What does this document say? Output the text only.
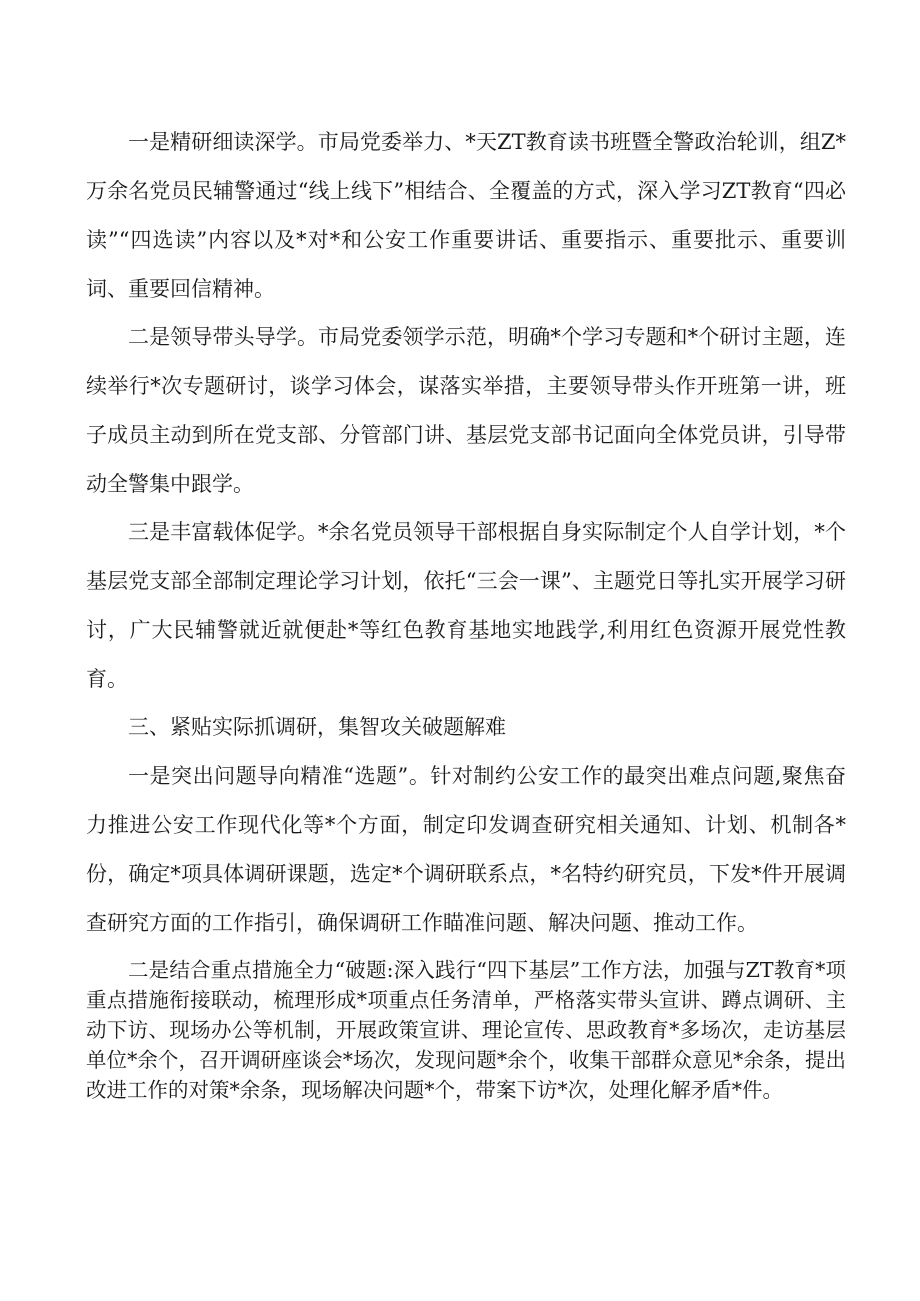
一是精研细读深学。市局党委举力、*天ZT教育读书班暨全警政治轮训，组Z*万余名党员民辅警通过“线上线下”相结合、全覆盖的方式，深入学习ZT教育“四必读”“四选读”内容以及*对*和公安工作重要讲话、重要指示、重要批示、重要训词、重要回信精神。

二是领导带头导学。市局党委领学示范，明确*个学习专题和*个研讨主题，连续举行*次专题研讨，谈学习体会，谋落实举措，主要领导带头作开班第一讲，班子成员主动到所在党支部、分管部门讲、基层党支部书记面向全体党员讲，引导带动全警集中跟学。

三是丰富载体促学。*余名党员领导干部根据自身实际制定个人自学计划，*个基层党支部全部制定理论学习计划，依托“三会一课”、主题党日等扎实开展学习研讨，广大民辅警就近就便赴*等红色教育基地实地践学,利用红色资源开展党性教育。

三、紧贴实际抓调研，集智攻关破题解难

一是突出问题导向精准“选题”。针对制约公安工作的最突出难点问题,聚焦奋力推进公安工作现代化等*个方面，制定印发调查研究相关通知、计划、机制各*份，确定*项具体调研课题，选定*个调研联系点，*名特约研究员，下发*件开展调查研究方面的工作指引，确保调研工作瞄准问题、解决问题、推动工作。

二是结合重点措施全力“破题:深入践行“四下基层”工作方法，加强与ZT教育*项重点措施衔接联动，梳理形成*项重点任务清单，严格落实带头宣讲、蹲点调研、主动下访、现场办公等机制，开展政策宣讲、理论宣传、思政教育*多场次，走访基层单位*余个，召开调研座谈会*场次，发现问题*余个，收集干部群众意见*余条，提出改进工作的对策*余条，现场解决问题*个，带案下访*次，处理化解矛盾*件。
